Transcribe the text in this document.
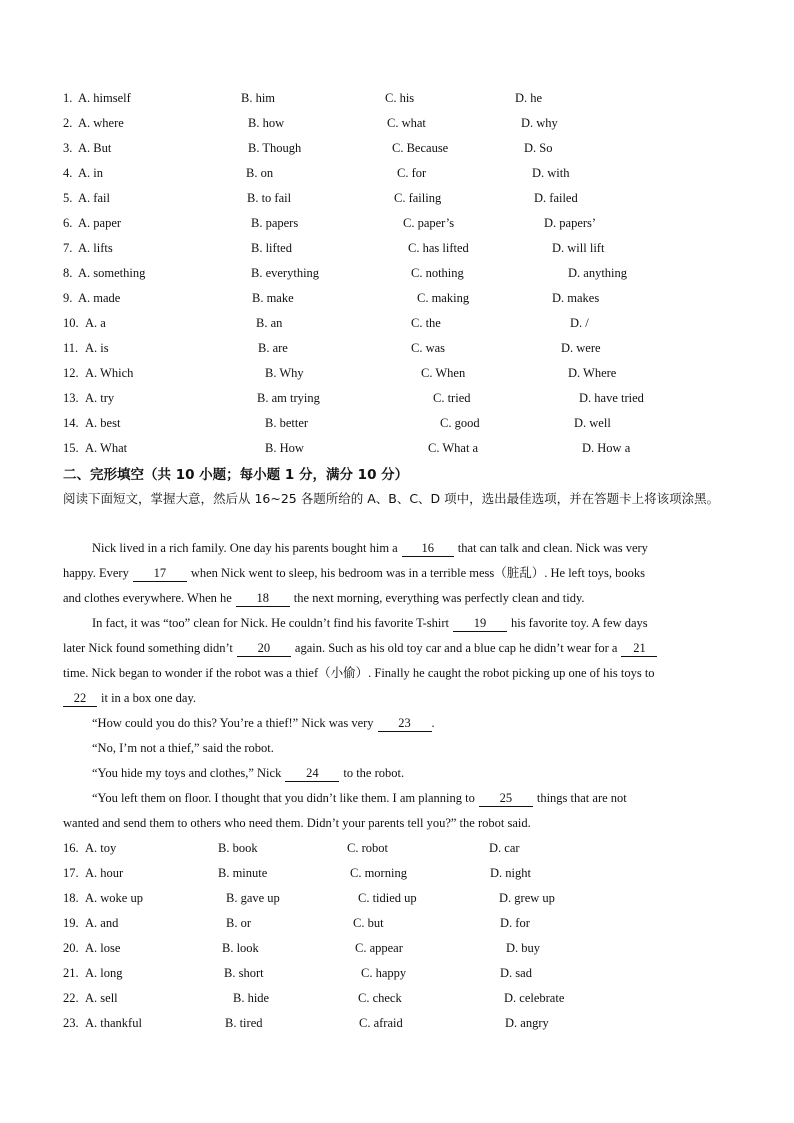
1. A. himself	B. him	C. his	D. he
2. A. where	B. how	C. what	D. why
3. A. But	B. Though	C. Because	D. So
4. A. in	B. on	C. for	D. with
5. A. fail	B. to fail	C. failing	D. failed
6. A. paper	B. papers	C. paper’s	D. papers’
7. A. lifts	B. lifted	C. has lifted	D. will lift
8. A. something	B. everything	C. nothing	D. anything
9. A. made	B. make	C. making	D. makes
10. A. a	B. an	C. the	D. /
11. A. is	B. are	C. was	D. were
12. A. Which	B. Why	C. When	D. Where
13. A. try	B. am trying	C. tried	D. have tried
14. A. best	B. better	C. good	D. well
15. A. What	B. How	C. What a	D. How a
二、完形填空（共 10 小题；每小题 1 分，满分 10 分）
阅读下面短文，掌握大意，然后从 16~25 各题所给的 A、B、C、D 项中，选出最佳选项，并在答题卡上将该项涂黑。
Nick lived in a rich family. One day his parents bought him a 16 that can talk and clean. Nick was very
happy. Every 17 when Nick went to sleep, his bedroom was in a terrible mess（脏乱）. He left toys, books
and clothes everywhere. When he 18 the next morning, everything was perfectly clean and tidy.
In fact, it was “too” clean for Nick. He couldn’t find his favorite T-shirt 19 his favorite toy. A few days
later Nick found something didn’t 20 again. Such as his old toy car and a blue cap he didn’t wear for a 21
time. Nick began to wonder if the robot was a thief（小偷）. Finally he caught the robot picking up one of his toys to
22 it in a box one day.
“How could you do this? You’re a thief!” Nick was very 23 .
“No, I’m not a thief,” said the robot.
“You hide my toys and clothes,” Nick 24 to the robot.
“You left them on floor. I thought that you didn’t like them. I am planning to 25 things that are not
wanted and send them to others who need them. Didn’t your parents tell you?” the robot said.
16. A. toy	B. book	C. robot	D. car
17. A. hour	B. minute	C. morning	D. night
18. A. woke up	B. gave up	C. tidied up	D. grew up
19. A. and	B. or	C. but	D. for
20. A. lose	B. look	C. appear	D. buy
21. A. long	B. short	C. happy	D. sad
22. A. sell	B. hide	C. check	D. celebrate
23. A. thankful	B. tired	C. afraid	D. angry
